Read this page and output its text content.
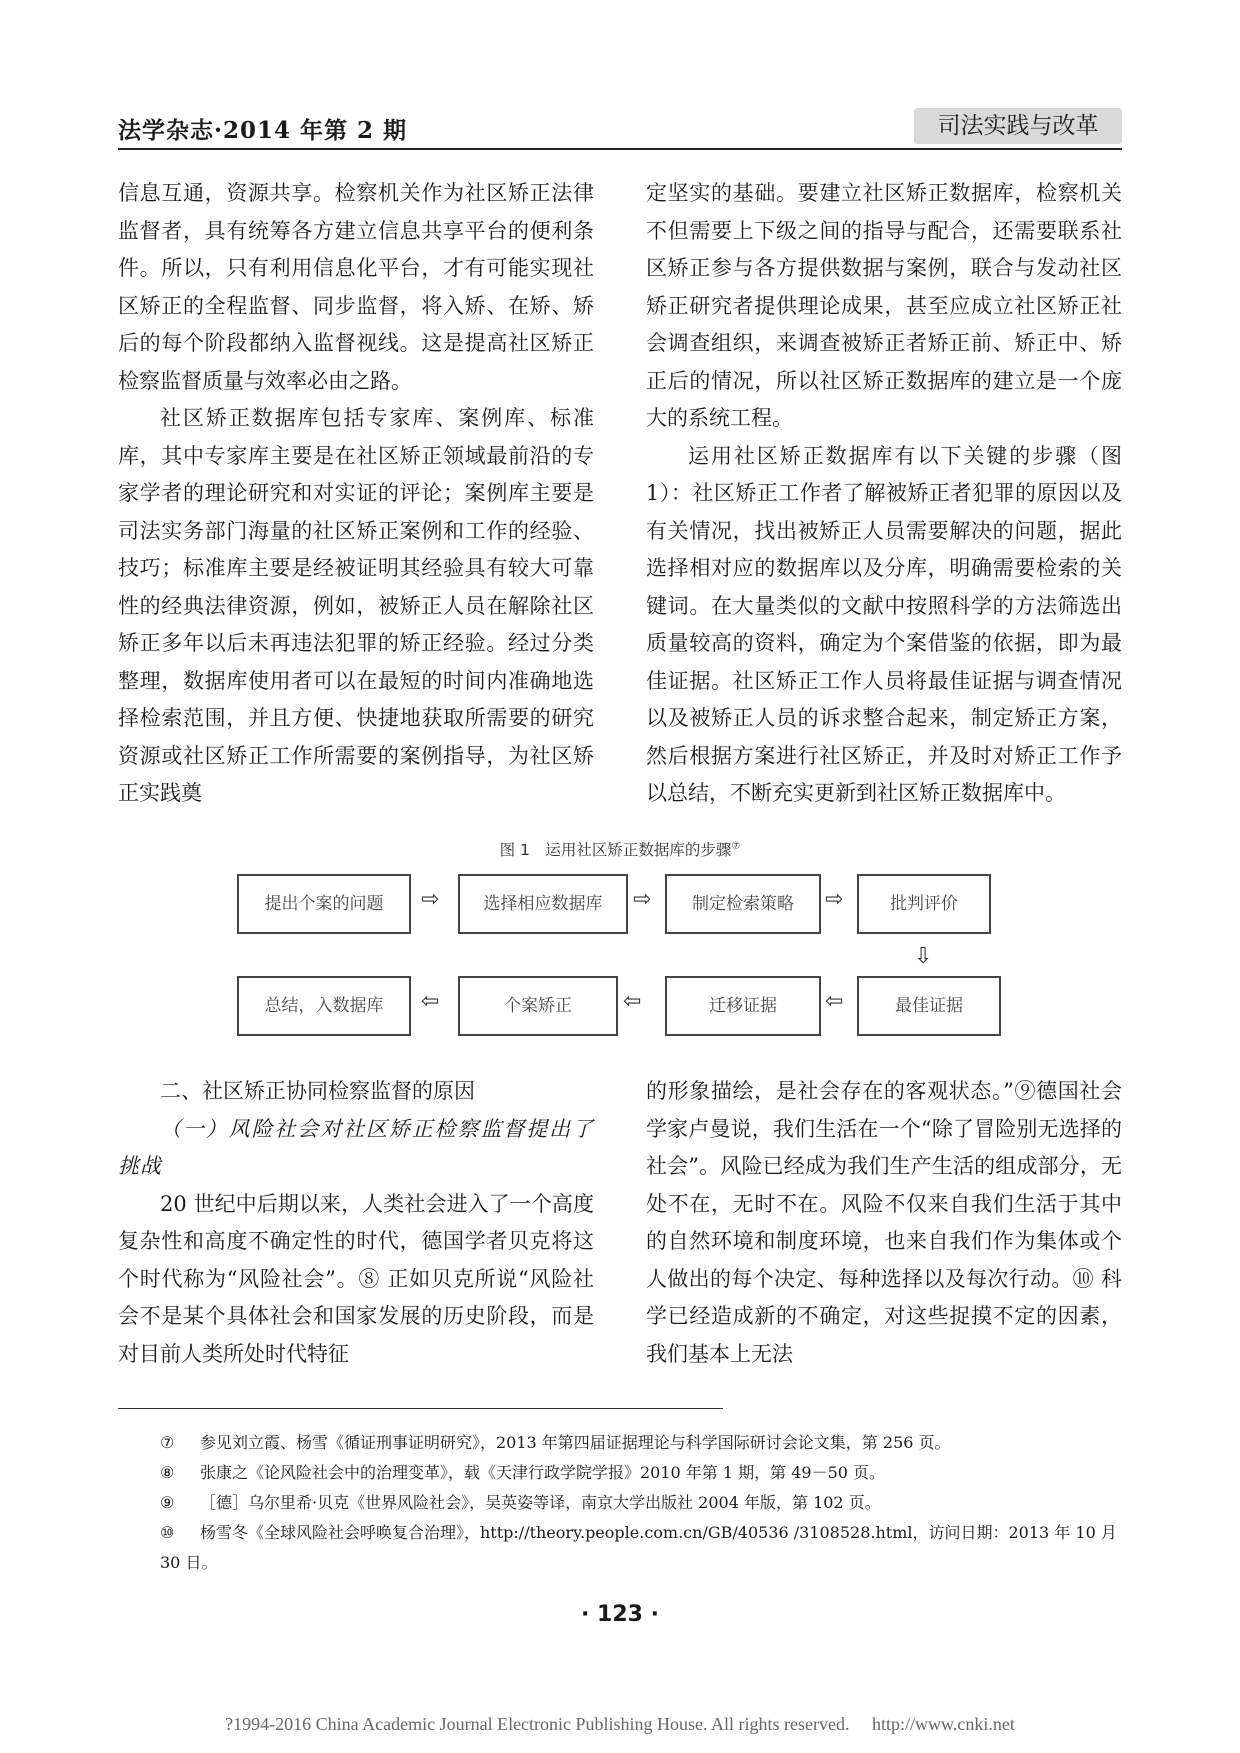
法学杂志·2014 年第 2 期	司法实践与改革

信息互通，资源共享。检察机关作为社区矫正法律监督者，具有统筹各方建立信息共享平台的便利条件。所以，只有利用信息化平台，才有可能实现社区矫正的全程监督、同步监督，将入矫、在矫、矫后的每个阶段都纳入监督视线。这是提高社区矫正检察监督质量与效率必由之路。

社区矫正数据库包括专家库、案例库、标准库，其中专家库主要是在社区矫正领域最前沿的专家学者的理论研究和对实证的评论；案例库主要是司法实务部门海量的社区矫正案例和工作的经验、技巧；标准库主要是经被证明其经验具有较大可靠性的经典法律资源，例如，被矫正人员在解除社区矫正多年以后未再违法犯罪的矫正经验。经过分类整理，数据库使用者可以在最短的时间内准确地选择检索范围，并且方便、快捷地获取所需要的研究资源或社区矫正工作所需要的案例指导，为社区矫正实践奠

定坚实的基础。要建立社区矫正数据库，检察机关不但需要上下级之间的指导与配合，还需要联系社区矫正参与各方提供数据与案例，联合与发动社区矫正研究者提供理论成果，甚至应成立社区矫正社会调查组织，来调查被矫正者矫正前、矫正中、矫正后的情况，所以社区矫正数据库的建立是一个庞大的系统工程。

运用社区矫正数据库有以下关键的步骤（图 1）：社区矫正工作者了解被矫正者犯罪的原因以及有关情况，找出被矫正人员需要解决的问题，据此选择相对应的数据库以及分库，明确需要检索的关键词。在大量类似的文献中按照科学的方法筛选出质量较高的资料，确定为个案借鉴的依据，即为最佳证据。社区矫正工作人员将最佳证据与调查情况以及被矫正人员的诉求整合起来，制定矫正方案，然后根据方案进行社区矫正，并及时对矫正工作予以总结，不断充实更新到社区矫正数据库中。

图 1　运用社区矫正数据库的步骤⑦
提出个案的问题	⇨	选择相应数据库	⇨	制定检索策略	⇨	批判评价
⇩
总结，入数据库	⇦	个案矫正	⇦	迁移证据	⇦	最佳证据

二、社区矫正协同检察监督的原因

（一）风险社会对社区矫正检察监督提出了挑战

20 世纪中后期以来，人类社会进入了一个高度复杂性和高度不确定性的时代，德国学者贝克将这个时代称为“风险社会”。⑧ 正如贝克所说“风险社会不是某个具体社会和国家发展的历史阶段，而是对目前人类所处时代特征

的形象描绘，是社会存在的客观状态。”⑨德国社会学家卢曼说，我们生活在一个“除了冒险别无选择的社会”。风险已经成为我们生产生活的组成部分，无处不在，无时不在。风险不仅来自我们生活于其中的自然环境和制度环境，也来自我们作为集体或个人做出的每个决定、每种选择以及每次行动。⑩ 科学已经造成新的不确定，对这些捉摸不定的因素，我们基本上无法

⑦ 参见刘立霞、杨雪《循证刑事证明研究》，2013 年第四届证据理论与科学国际研讨会论文集，第 256 页。

⑧ 张康之《论风险社会中的治理变革》，载《天津行政学院学报》2010 年第 1 期，第 49－50 页。

⑨ ［德］乌尔里希·贝克《世界风险社会》，吴英姿等译，南京大学出版社 2004 年版，第 102 页。

⑩ 杨雪冬《全球风险社会呼唤复合治理》，http://theory.people.com.cn/GB/40536 /3108528.html，访问日期：2013 年 10 月 30 日。

· 123 ·
?1994-2016 China Academic Journal Electronic Publishing House. All rights reserved.　 http://www.cnki.net
